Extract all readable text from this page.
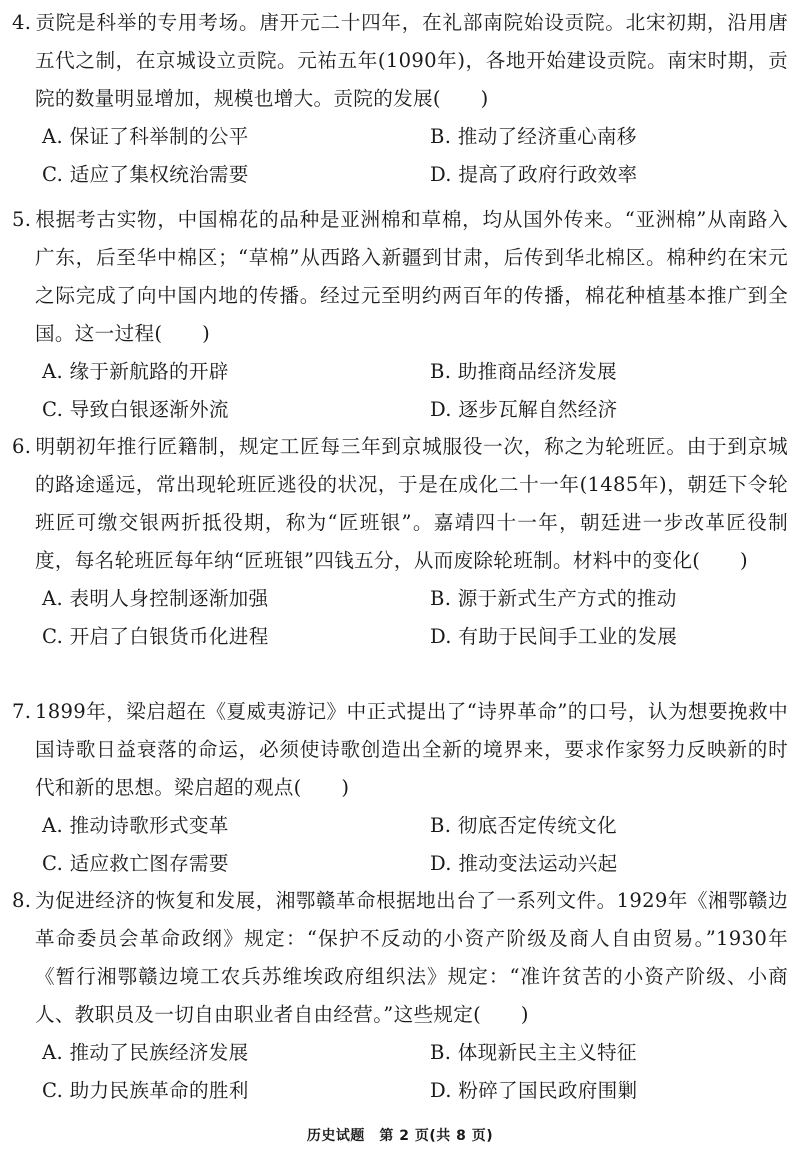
4. 贡院是科举的专用考场。唐开元二十四年，在礼部南院始设贡院。北宋初期，沿用唐五代之制，在京城设立贡院。元祐五年(1090年)，各地开始建设贡院。南宋时期，贡院的数量明显增加，规模也增大。贡院的发展(　　)

A. 保证了科举制的公平	B. 推动了经济重心南移
C. 适应了集权统治需要	D. 提高了政府行政效率

5. 根据考古实物，中国棉花的品种是亚洲棉和草棉，均从国外传来。“亚洲棉”从南路入广东，后至华中棉区；“草棉”从西路入新疆到甘肃，后传到华北棉区。棉种约在宋元之际完成了向中国内地的传播。经过元至明约两百年的传播，棉花种植基本推广到全国。这一过程(　　)

A. 缘于新航路的开辟	B. 助推商品经济发展
C. 导致白银逐渐外流	D. 逐步瓦解自然经济

6. 明朝初年推行匠籍制，规定工匠每三年到京城服役一次，称之为轮班匠。由于到京城的路途遥远，常出现轮班匠逃役的状况，于是在成化二十一年(1485年)，朝廷下令轮班匠可缴交银两折抵役期，称为“匠班银”。嘉靖四十一年，朝廷进一步改革匠役制度，每名轮班匠每年纳“匠班银”四钱五分，从而废除轮班制。材料中的变化(　　)

A. 表明人身控制逐渐加强	B. 源于新式生产方式的推动
C. 开启了白银货币化进程	D. 有助于民间手工业的发展

7. 1899年，梁启超在《夏威夷游记》中正式提出了“诗界革命”的口号，认为想要挽救中国诗歌日益衰落的命运，必须使诗歌创造出全新的境界来，要求作家努力反映新的时代和新的思想。梁启超的观点(　　)

A. 推动诗歌形式变革	B. 彻底否定传统文化
C. 适应救亡图存需要	D. 推动变法运动兴起

8. 为促进经济的恢复和发展，湘鄂赣革命根据地出台了一系列文件。1929年《湘鄂赣边革命委员会革命政纲》规定：“保护不反动的小资产阶级及商人自由贸易。”1930年《暂行湘鄂赣边境工农兵苏维埃政府组织法》规定：“准许贫苦的小资产阶级、小商人、教职员及一切自由职业者自由经营。”这些规定(　　)

A. 推动了民族经济发展	B. 体现新民主主义特征
C. 助力民族革命的胜利	D. 粉碎了国民政府围剿
历史试题　第 2 页(共 8 页)
